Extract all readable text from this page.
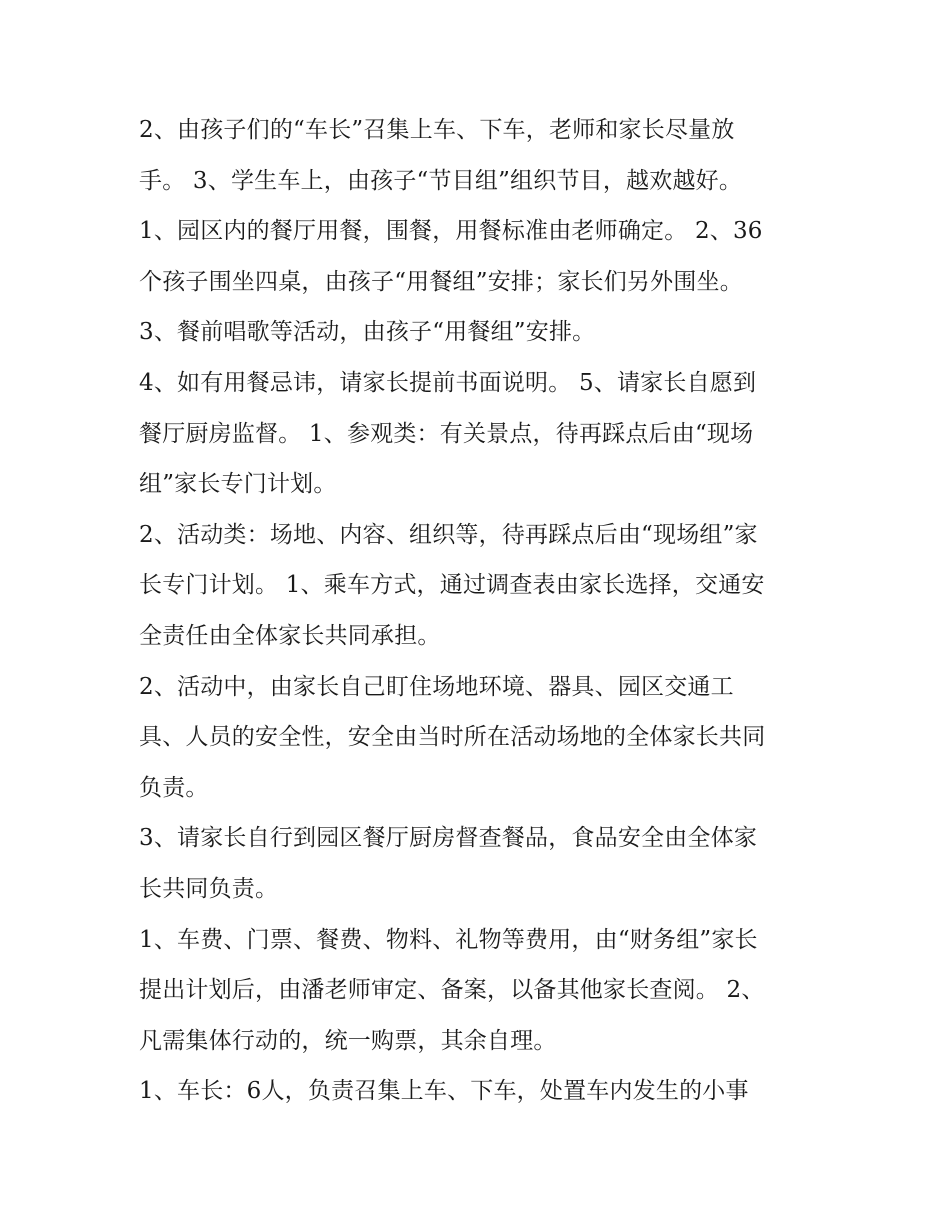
2、由孩子们的“车长”召集上车、下车，老师和家长尽量放
手。 3、学生车上，由孩子“节目组”组织节目，越欢越好。
1、园区内的餐厅用餐，围餐，用餐标准由老师确定。 2、36
个孩子围坐四桌，由孩子“用餐组”安排；家长们另外围坐。
3、餐前唱歌等活动，由孩子“用餐组”安排。
4、如有用餐忌讳，请家长提前书面说明。 5、请家长自愿到
餐厅厨房监督。 1、参观类：有关景点，待再踩点后由“现场
组”家长专门计划。
2、活动类：场地、内容、组织等，待再踩点后由“现场组”家
长专门计划。 1、乘车方式，通过调查表由家长选择，交通安
全责任由全体家长共同承担。
2、活动中，由家长自己盯住场地环境、器具、园区交通工
具、人员的安全性，安全由当时所在活动场地的全体家长共同
负责。
3、请家长自行到园区餐厅厨房督查餐品，食品安全由全体家
长共同负责。
1、车费、门票、餐费、物料、礼物等费用，由“财务组”家长
提出计划后，由潘老师审定、备案，以备其他家长查阅。 2、
凡需集体行动的，统一购票，其余自理。
1、车长：6人，负责召集上车、下车，处置车内发生的小事
